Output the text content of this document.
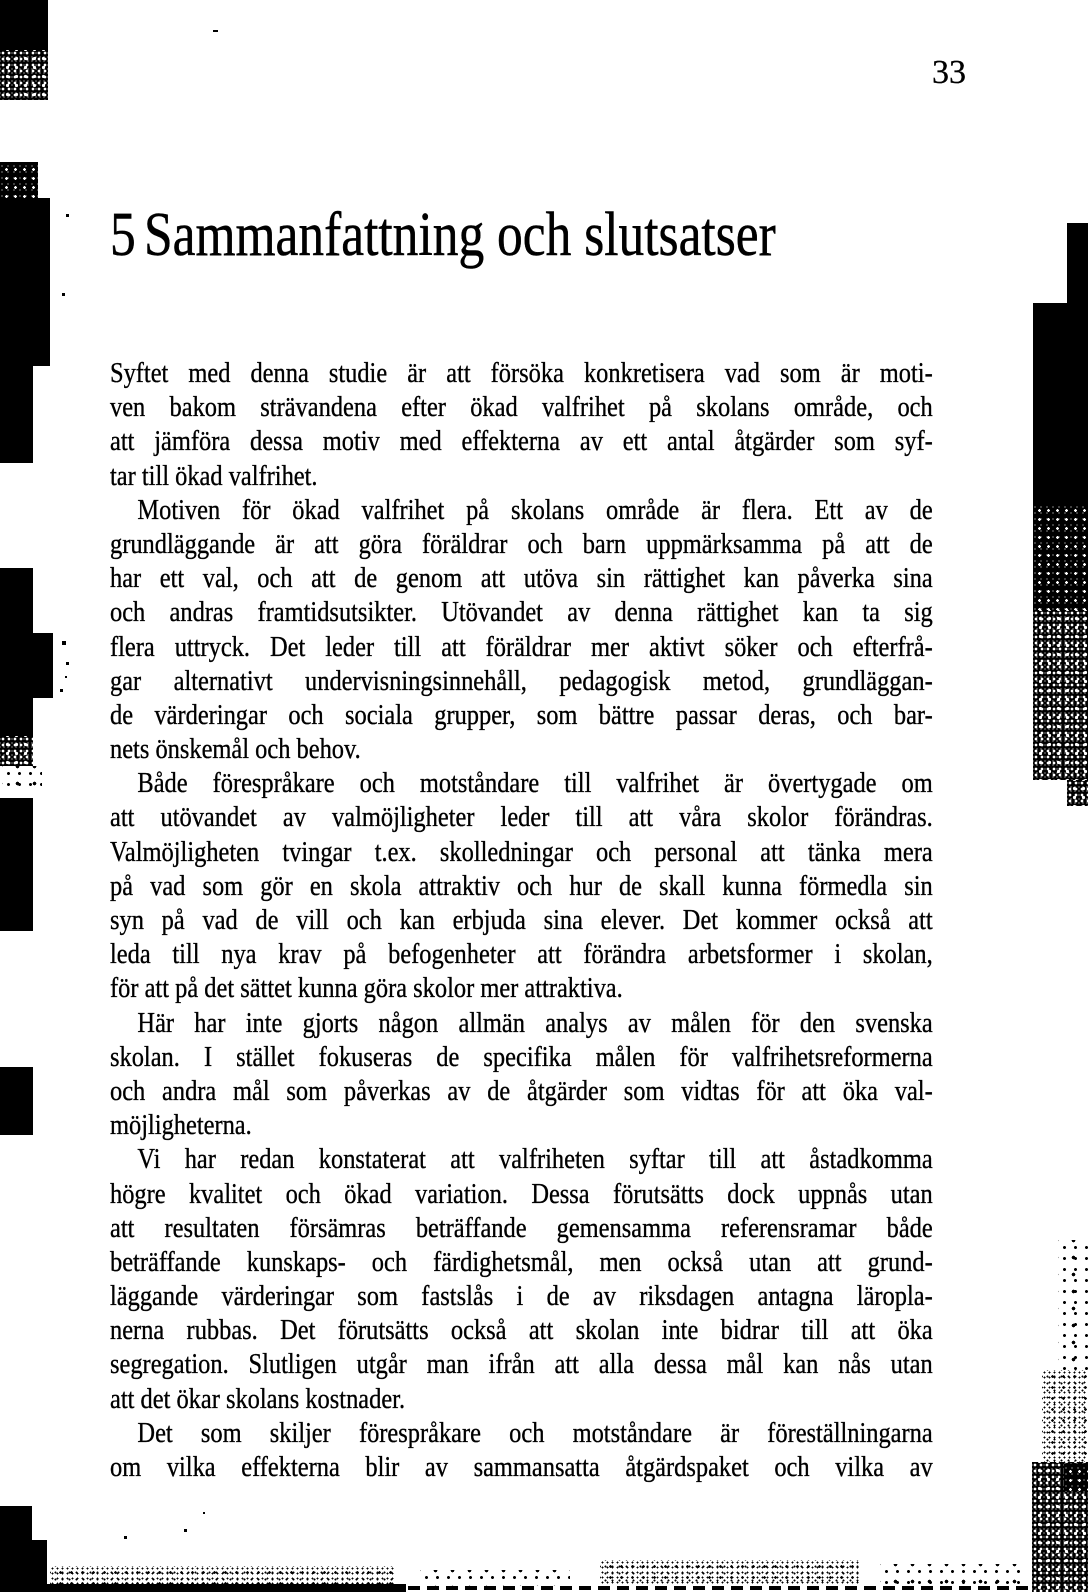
33
5 Sammanfattning och slutsatser
Syftet med denna studie är att försöka konkretisera vad som är moti-
ven bakom strävandena efter ökad valfrihet på skolans område, och
att jämföra dessa motiv med effekterna av ett antal åtgärder som syf-
tar till ökad valfrihet.
Motiven för ökad valfrihet på skolans område är flera. Ett av de
grundläggande är att göra föräldrar och barn uppmärksamma på att de
har ett val, och att de genom att utöva sin rättighet kan påverka sina
och andras framtidsutsikter. Utövandet av denna rättighet kan ta sig
flera uttryck. Det leder till att föräldrar mer aktivt söker och efterfrå-
gar alternativt undervisningsinnehåll, pedagogisk metod, grundläggan-
de värderingar och sociala grupper, som bättre passar deras, och bar-
nets önskemål och behov.
Både förespråkare och motståndare till valfrihet är övertygade om
att utövandet av valmöjligheter leder till att våra skolor förändras.
Valmöjligheten tvingar t.ex. skolledningar och personal att tänka mera
på vad som gör en skola attraktiv och hur de skall kunna förmedla sin
syn på vad de vill och kan erbjuda sina elever. Det kommer också att
leda till nya krav på befogenheter att förändra arbetsformer i skolan,
för att på det sättet kunna göra skolor mer attraktiva.
Här har inte gjorts någon allmän analys av målen för den svenska
skolan. I stället fokuseras de specifika målen för valfrihetsreformerna
och andra mål som påverkas av de åtgärder som vidtas för att öka val-
möjligheterna.
Vi har redan konstaterat att valfriheten syftar till att åstadkomma
högre kvalitet och ökad variation. Dessa förutsätts dock uppnås utan
att resultaten försämras beträffande gemensamma referensramar både
beträffande kunskaps- och färdighetsmål, men också utan att grund-
läggande värderingar som fastslås i de av riksdagen antagna läropla-
nerna rubbas. Det förutsätts också att skolan inte bidrar till att öka
segregation. Slutligen utgår man ifrån att alla dessa mål kan nås utan
att det ökar skolans kostnader.
Det som skiljer förespråkare och motståndare är föreställningarna
om vilka effekterna blir av sammansatta åtgärdspaket och vilka av
